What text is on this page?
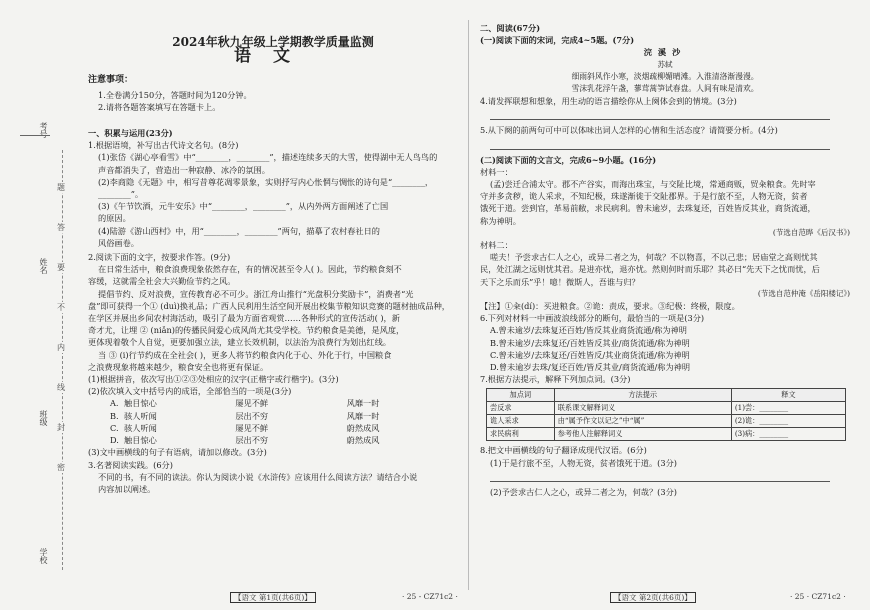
考号
姓名
班级
学校
题
答
要
不
内
线
封
密
2024年秋九年级上学期教学质量监测
语文
注意事项：
1.全卷满分150分，答题时间为120分钟。
2.请将各题答案填写在答题卡上。
一、积累与运用(23分)
1.根据语境，补写出古代诗文名句。(8分)
(1)张岱《湖心亭看雪》中“________，________”，描述连续多天的大雪，使得湖中无人鸟鸟的
声音都消失了，营造出一种寂静、冰冷的氛围。
(2)李商隐《无题》中，相写昔尊花凋零景象，实则抒写内心怅惘与惆怅的诗句是“________，
________”。
(3)《午节饮酒，元牛安乐》中“________，________”，从内外两方面阐述了亡国
的原因。
(4)陆游《游山西村》中，用“________，________”两句，描摹了农村春社日的
风俗画卷。
2.阅读下面的文字，按要求作答。(9分)
在日常生活中，粮食浪费现象依然存在，有的情况甚至令人( )。因此，节约粮食刻不
容缓，这就需全社会大兴勤俭节约之风。
提倡节约、反对浪费，宣传教育必不可少。浙江舟山推行“光盘积分奖励卡”，消费者“光
盘”即可获得一个① (duì)换礼品；广西人民利用生活空间开展出校集节粮知识竞赛的题材抽成品种，
在学区并展出乡间农村海活动，吸引了最为方面省观赏……各种形式的宣传活动( )，新
奇才尤，让埋 ② (niǎn)的传播民间爱心成风尚尤其受学校。节约粮食是美德，是风度，
更体现着敬个人自觉，更要加强立法，建立长效机制，以法治为浪费行为划出红线。
当 ③ (i)行节约成在全社会( )，更多人将节约粮食内化于心、外化于行，中国粮食
之浪费现象将越来越少，粮食安全也将更有保证。
(1)根据拼音，依次写出①②③处相应的汉字(正楷字或行楷字)。(3分)
(2)依次填入文中括号内的成语，全部恰当的一项是(3分)
A. 触目惊心	屡见不鲜	风靡一时
B. 骇人听闻	层出不穷	风靡一时
C. 骇人听闻	屡见不鲜	蔚然成风
D. 触目惊心	层出不穷	蔚然成风
(3)文中画横线的句子有语病，请加以修改。(3分)
3.名著阅读实践。(6分)
不同的书，有不同的读法。你认为阅读小说《水浒传》应该用什么阅读方法？请结合小说
内容加以阐述。
【语文 第1页(共6页)】	· 25 - CZ71c2 ·
二、阅读(67分)
(一)阅读下面的宋词，完成4~5题。(7分)
浣溪沙
苏轼
细雨斜风作小寒，淡烟疏柳媚晴滩。入淮清洛渐漫漫。
雪沫乳花浮午盏，蓼茸蒿笋试春盘。人间有味是清欢。
4.请发挥联想和想象，用生动的语言描绘你从上阕体会到的情境。(3分)
5.从下阕的前两句可中可以体味出词人怎样的心情和生活态度？请简要分析。(4分)
(二)阅读下面的文言文，完成6~9小题。(16分)
材料一：
(孟)尝迁合浦太守。郡不产谷实，而海出珠宝，与交阯比境，常通商贩，贸籴粮食。先时宰
守并多贪秽，诡人采求，不知纪极，珠遂渐徙于交阯郡界。于是行旅不至，人物无资，贫者
饿死于道。尝到官，革易前敝，求民病利。曾未逾岁，去珠复还，百姓皆反其业，商货流通，
称为神明。
(节选自范晔《后汉书》)
材料二：
嗟夫！予尝求古仁人之心，或异二者之为，何哉？不以物喜，不以己悲；居庙堂之高则忧其
民，处江湖之远则忧其君。是进亦忧，退亦忧。然则何时而乐耶？其必曰“先天下之忧而忧，后
天下之乐而乐”乎！噫！微斯人，吾谁与归？
(节选自范仲淹《岳阳楼记》)
【注】①籴(dí)：买进粮食。②诡：责成，要求。③纪极：终极，限度。
6.下列对材料一中画波浪线部分的断句，最恰当的一项是(3分)
A.曾未逾岁/去珠复还百姓/皆反其业商货流通/称为神明
B.曾未逾岁/去珠复还/百姓皆反其业/商货流通/称为神明
C.曾未逾岁/去珠复还/百姓皆反/其业商货流通/称为神明
D.曾未逾岁去珠/复还百姓/皆反其业/商货流通/称为神明
7.根据方法提示，解释下列加点词。(3分)
加点词	方法提示	释文
尝反求	联系课文解释词义	(1)尝：________
诡人采求	由“属予作文以记之”中“属”	(2)诡：________
求民病利	参考他人注解释词义	(3)病：________
8.把文中画横线的句子翻译成现代汉语。(6分)
(1)于是行旅不至，人物无资，贫者饿死于道。(3分)
(2)予尝求古仁人之心，或异二者之为，何哉？(3分)
【语文 第2页(共6页)】	· 25 · CZ71c2 ·
